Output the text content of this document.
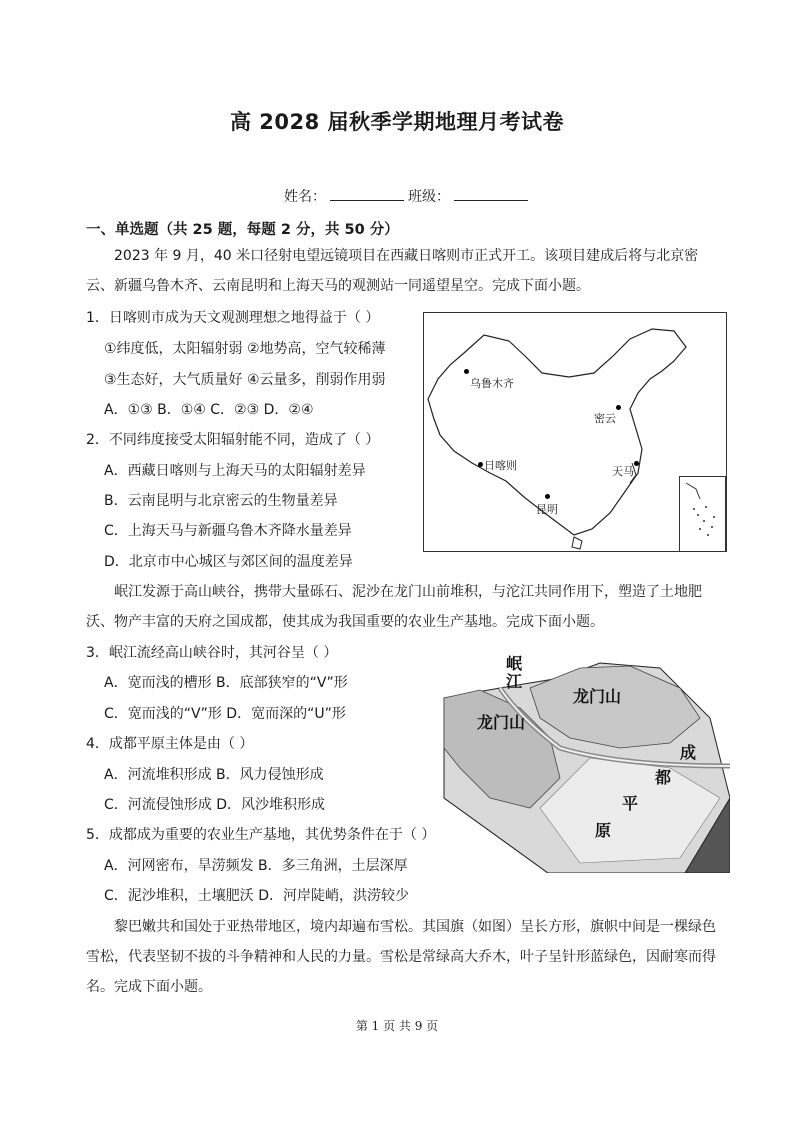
高 2028 届秋季学期地理月考试卷
姓名：	班级：
一、单选题（共 25 题，每题 2 分，共 50 分）
2023 年 9 月，40 米口径射电望远镜项目在西藏日喀则市正式开工。该项目建成后将与北京密云、新疆乌鲁木齐、云南昆明和上海天马的观测站一同遥望星空。完成下面小题。
1．日喀则市成为天文观测理想之地得益于（ ）
①纬度低，太阳辐射弱 ②地势高，空气较稀薄
③生态好，大气质量好 ④云量多，削弱作用弱
A．①③ B．①④ C．②③ D．②④
2．不同纬度接受太阳辐射能不同，造成了（ ）
A．西藏日喀则与上海天马的太阳辐射差异
B．云南昆明与北京密云的生物量差异
C．上海天马与新疆乌鲁木齐降水量差异
D．北京市中心城区与郊区间的温度差异
乌鲁木齐
密云
日喀则	天马
昆明
岷江发源于高山峡谷，携带大量砾石、泥沙在龙门山前堆积，与沱江共同作用下，塑造了土地肥沃、物产丰富的天府之国成都，使其成为我国重要的农业生产基地。完成下面小题。
3．岷江流经高山峡谷时，其河谷呈（ ）
A．宽而浅的槽形 B．底部狭窄的“V”形
C．宽而浅的“V”形 D．宽而深的“U”形
4．成都平原主体是由（ ）
A．河流堆积形成 B．风力侵蚀形成
C．河流侵蚀形成 D．风沙堆积形成
5．成都成为重要的农业生产基地，其优势条件在于（ ）
A．河网密布，旱涝频发 B．多三角洲，土层深厚
C．泥沙堆积，土壤肥沃 D．河岸陡峭，洪涝较少
岷
江
龙门山
龙门山
成
都
平
原
黎巴嫩共和国处于亚热带地区，境内却遍布雪松。其国旗（如图）呈长方形，旗帜中间是一棵绿色雪松，代表坚韧不拔的斗争精神和人民的力量。雪松是常绿高大乔木，叶子呈针形蓝绿色，因耐寒而得名。完成下面小题。
第 1 页 共 9 页
